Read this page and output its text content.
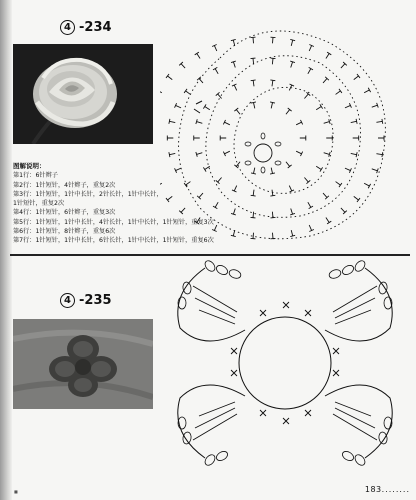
4 -234
图解说明：
第1行：6针辫子
第2行：1针短针，4针辫子，重复2次
第3行：1针短针，1针中长针，2针长针，1针中长针，
1针短针，重复2次
第4行：1针短针，6针辫子，重复3次
第5行：1针短针，1针中长针，4针长针，1针中长针，1针短针，重复3次
第6行：1针短针，8针辫子，重复6次
第7行：1针短针，1针中长针，6针长针，1针中长针，1针短针，重复6次
4 -235
■	183........
